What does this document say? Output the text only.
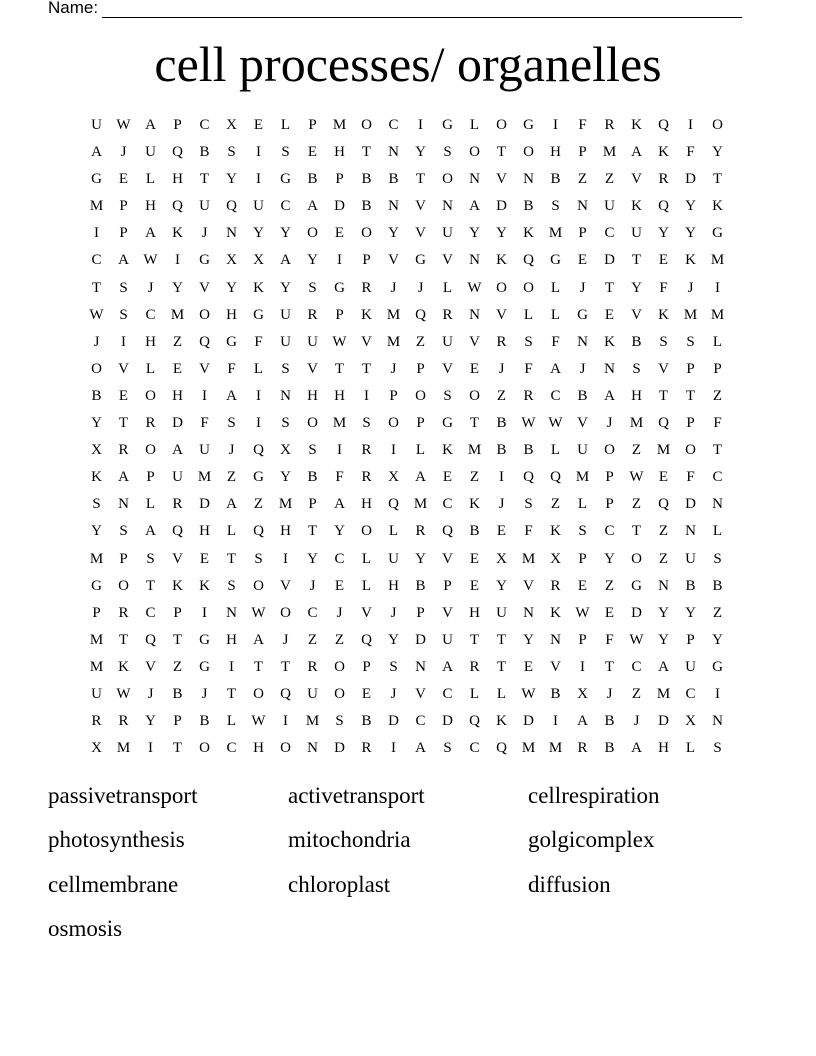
Name:
cell processes/ organelles
U W A	P	C	X	E	L	P	M O	C	I	G	L	O	G	I	F	R	K	Q	I	O
A	J	U	Q	B	S	I	S	E	H	T	N	Y	S	O	T	O	H	P	M A	K	F	Y
G	E	L	H	T	Y	I	G	B	P	B	B	T	O	N	V	N	B	Z	Z	V	R	D	T
M	P	H	Q	U	Q	U	C	A	D	B	N	V	N	A	D	B	S	N	U	K	Q	Y	K
I	P	A	K	J	N	Y	Y	O	E	O	Y	V	U	Y	Y	K M	P	C	U	Y	Y	G
C	A W	I	G	X	X	A	Y	I	P	V	G	V	N	K	Q	G	E	D	T	E	K M
T	S	J	Y	V	Y	K	Y	S	G	R	J	J	L	W O	O	L	J	T	Y	F	J	I
W	S	C	M O	H	G	U	R	P	K M Q	R	N	V	L	L	G	E	V	K M M
J	I	H	Z	Q	G	F	U	U W V M	Z	U	V	R	S	F	N	K	B	S	S	L
O	V	L	E	V	F	L	S	V	T	T	J	P	V	E	J	F	A	J	N	S	V	P	P
B	E	O	H	I	A	I	N	H	H	I	P	O	S	O	Z	R	C	B	A	H	T	T	Z
Y	T	R	D	F	S	I	S	O M	S	O	P	G	T	B W W V	J	M Q	P	F
X	R	O	A	U	J	Q	X	S	I	R	I	L	K M	B	B	L	U	O	Z	M O	T
K	A	P	U M	Z	G	Y	B	F	R	X	A	E	Z	I	Q	Q M	P	W	E	F	C
S	N	L	R	D	A	Z	M	P	A	H	Q M	C	K	J	S	Z	L	P	Z	Q	D	N
Y	S	A	Q	H	L	Q	H	T	Y	O	L	R	Q	B	E	F	K	S	C	T	Z	N	L
M	P	S	V	E	T	S	I	Y	C	L	U	Y	V	E	X M X	P	Y	O	Z	U	S
G	O	T	K	K	S	O	V	J	E	L	H	B	P	E	Y	V	R	E	Z	G	N	B	B
P	R	C	P	I	N W O	C	J	V	J	P	V	H	U	N	K W	E	D	Y	Y	Z
M	T	Q	T	G	H	A	J	Z	Z	Q	Y	D	U	T	T	Y	N	P	F	W Y	P	Y
M K	V	Z	G	I	T	T	R	O	P	S	N	A	R	T	E	V	I	T	C	A	U	G
U W	J	B	J	T	O	Q	U	O	E	J	V	C	L	L	W B	X	J	Z	M	C	I
R	R	Y	P	B	L	W	I	M	S	B	D	C	D	Q	K	D	I	A	B	J	D	X	N
X M	I	T	O	C	H	O	N	D	R	I	A	S	C	Q M M	R	B	A	H	L	S
passivetransport	activetransport	cellrespiration
photosynthesis	mitochondria	golgicomplex
cellmembrane	chloroplast	diffusion
osmosis
